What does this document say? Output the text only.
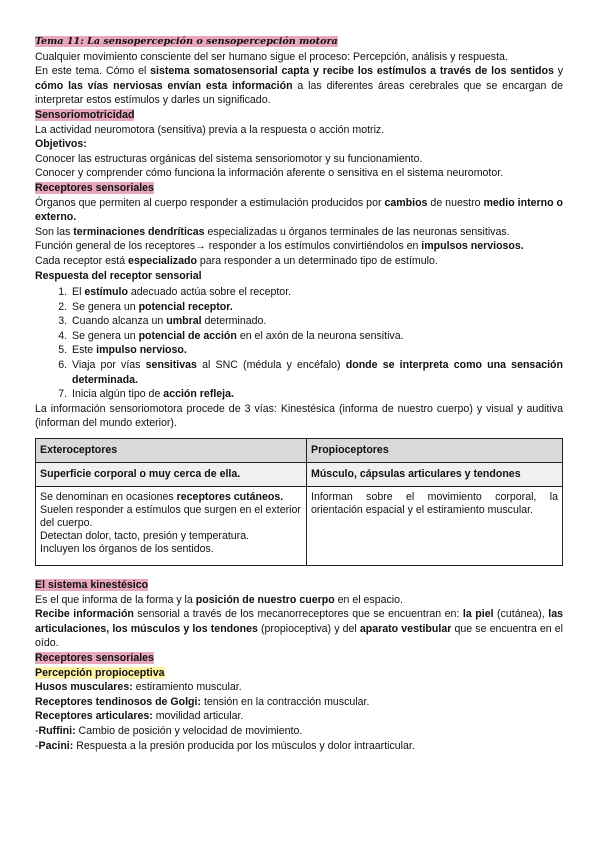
Tema 11: La sensopercepción o sensopercepción motora

Cualquier movimiento consciente del ser humano sigue el proceso: Percepción, análisis y respuesta.

En este tema. Cómo el sistema somatosensorial capta y recibe los estímulos a través de los sentidos y cómo las vías nerviosas envían esta información a las diferentes áreas cerebrales que se encargan de interpretar estos estímulos y darles un significado.

Sensoriomotricidad

La actividad neuromotora (sensitiva) previa a la respuesta o acción motriz.

Objetivos:

Conocer las estructuras orgánicas del sistema sensoriomotor y su funcionamiento.

Conocer y comprender cómo funciona la información aferente o sensitiva en el sistema neuromotor.

Receptores sensoriales

Órganos que permiten al cuerpo responder a estimulación producidos por cambios de nuestro medio interno o externo.

Son las terminaciones dendríticas especializadas u órganos terminales de las neuronas sensitivas.

Función general de los receptores→ responder a los estímulos convirtiéndolos en impulsos nerviosos.

Cada receptor está especializado para responder a un determinado tipo de estímulo.

Respuesta del receptor sensorial

1. El estímulo adecuado actúa sobre el receptor.
2. Se genera un potencial receptor.
3. Cuando alcanza un umbral determinado.
4. Se genera un potencial de acción en el axón de la neurona sensitiva.
5. Este impulso nervioso.
6. Viaja por vías sensitivas al SNC (médula y encéfalo) donde se interpreta como una sensación determinada.
7. Inicia algún tipo de acción refleja.

La información sensoriomotora procede de 3 vías: Kinestésica (informa de nuestro cuerpo) y visual y auditiva (informan del mundo exterior).

Exteroceptores	Propioceptores
Superficie corporal o muy cerca de ella.	Músculo, cápsulas articulares y tendones

Se denominan en ocasiones receptores cutáneos.
Suelen responder a estímulos que surgen en el exterior del cuerpo.
Detectan dolor, tacto, presión y temperatura.
Incluyen los órganos de los sentidos.	Informan sobre el movimiento corporal, la orientación espacial y el estiramiento muscular.

El sistema kinestésico

Es el que informa de la forma y la posición de nuestro cuerpo en el espacio.

Recibe información sensorial a través de los mecanorreceptores que se encuentran en: la piel (cutánea), las articulaciones, los músculos y los tendones (propioceptiva) y del aparato vestibular que se encuentra en el oído.

Receptores sensoriales

Percepción propioceptiva

Husos musculares: estiramiento muscular.

Receptores tendinosos de Golgi: tensión en la contracción muscular.

Receptores articulares: movilidad articular.

-Ruffini: Cambio de posición y velocidad de movimiento.

-Pacini: Respuesta a la presión producida por los músculos y dolor intraarticular.
